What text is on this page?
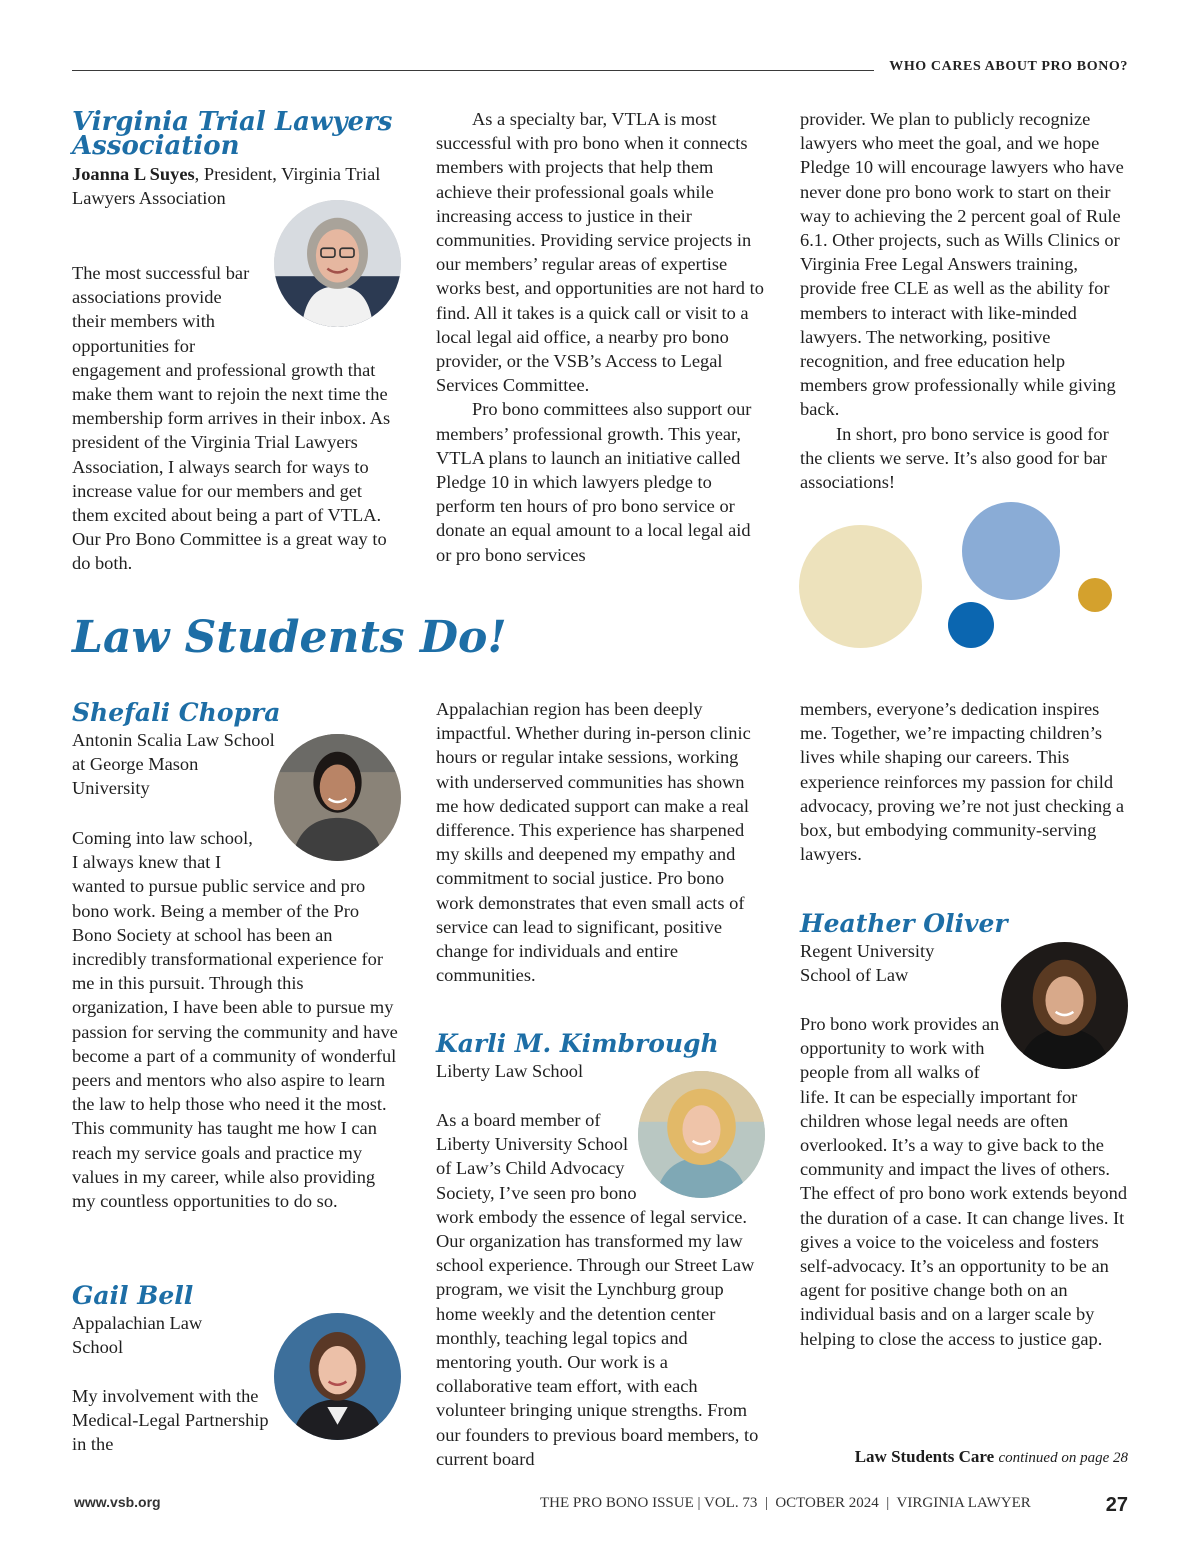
WHO CARES ABOUT PRO BONO?
Virginia Trial Lawyers Association
Joanna L Suyes, President, Virginia Trial Lawyers Association

The most successful bar associations provide their members with opportunities for engagement and professional growth that make them want to rejoin the next time the membership form arrives in their inbox. As president of the Virginia Trial Lawyers Association, I always search for ways to increase value for our members and get them excited about being a part of VTLA. Our Pro Bono Committee is a great way to do both.

As a specialty bar, VTLA is most successful with pro bono when it connects members with projects that help them achieve their professional goals while increasing access to justice in their communities. Providing service projects in our members’ regular areas of expertise works best, and opportunities are not hard to find. All it takes is a quick call or visit to a local legal aid office, a nearby pro bono provider, or the VSB’s Access to Legal Services Committee.

Pro bono committees also support our members’ professional growth. This year, VTLA plans to launch an initiative called Pledge 10 in which lawyers pledge to perform ten hours of pro bono service or donate an equal amount to a local legal aid or pro bono services

provider. We plan to publicly recognize lawyers who meet the goal, and we hope Pledge 10 will encourage lawyers who have never done pro bono work to start on their way to achieving the 2 percent goal of Rule 6.1. Other projects, such as Wills Clinics or Virginia Free Legal Answers training, provide free CLE as well as the ability for members to interact with like-minded lawyers. The networking, positive recognition, and free education help members grow professionally while giving back.

In short, pro bono service is good for the clients we serve. It’s also good for bar associations!

Law Students Do!
Shefali Chopra
Antonin Scalia Law School at George Mason University

Coming into law school, I always knew that I wanted to pursue public service and pro bono work. Being a member of the Pro Bono Society at school has been an incredibly transformational experience for me in this pursuit. Through this organization, I have been able to pursue my passion for serving the community and have become a part of a community of wonderful peers and mentors who also aspire to learn the law to help those who need it the most. This community has taught me how I can reach my service goals and practice my values in my career, while also providing my countless opportunities to do so.

Gail Bell
Appalachian Law School
My involvement with the Medical-Legal Partnership in the
Appalachian region has been deeply impactful. Whether during in-person clinic hours or regular intake sessions, working with underserved communities has shown me how dedicated support can make a real difference. This experience has sharpened my skills and deepened my empathy and commitment to social justice. Pro bono work demonstrates that even small acts of service can lead to significant, positive change for individuals and entire communities.
Karli M. Kimbrough
Liberty Law School

As a board member of Liberty University School of Law’s Child Advocacy Society, I’ve seen pro bono work embody the essence of legal service. Our organization has transformed my law school experience. Through our Street Law program, we visit the Lynchburg group home weekly and the detention center monthly, teaching legal topics and mentoring youth. Our work is a collaborative team effort, with each volunteer bringing unique strengths. From our founders to previous board members, to current board

members, everyone’s dedication inspires me. Together, we’re impacting children’s lives while shaping our careers. This experience reinforces my passion for child advocacy, proving we’re not just checking a box, but embodying community-serving lawyers.
Heather Oliver
Regent University School of Law

Pro bono work provides an opportunity to work with people from all walks of life. It can be especially important for children whose legal needs are often overlooked. It’s a way to give back to the community and impact the lives of others. The effect of pro bono work extends beyond the duration of a case. It can change lives. It gives a voice to the voiceless and fosters self-advocacy. It’s an opportunity to be an agent for positive change both on an individual basis and on a larger scale by helping to close the access to justice gap.

Law Students Care continued on page 28
www.vsb.org	THE PRO BONO ISSUE | VOL. 73  |  OCTOBER 2024  |  VIRGINIA LAWYER	27
